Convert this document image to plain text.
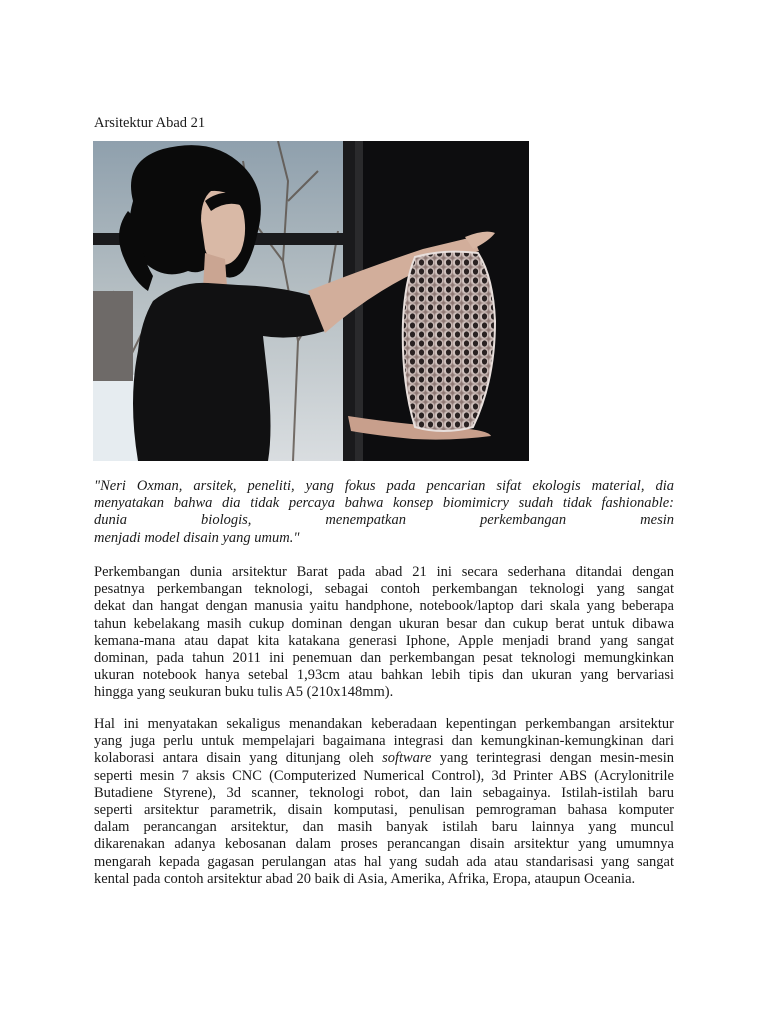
Arsitektur Abad 21
"Neri Oxman, arsitek, peneliti, yang fokus pada pencarian sifat ekologis material, dia
menyatakan bahwa dia tidak percaya bahwa konsep biomimicry sudah tidak fashionable:
dunia biologis, menempatkan perkembangan mesin
menjadi model disain yang umum."
Perkembangan dunia arsitektur Barat pada abad 21 ini secara sederhana ditandai dengan
pesatnya perkembangan teknologi, sebagai contoh perkembangan teknologi yang sangat
dekat dan hangat dengan manusia yaitu handphone, notebook/laptop dari skala yang beberapa
tahun kebelakang masih cukup dominan dengan ukuran besar dan cukup berat untuk dibawa
kemana-mana atau dapat kita katakana generasi Iphone, Apple menjadi brand yang sangat
dominan, pada tahun 2011 ini penemuan dan perkembangan pesat teknologi memungkinkan
ukuran notebook hanya setebal 1,93cm atau bahkan lebih tipis dan ukuran yang bervariasi
hingga yang seukuran buku tulis A5 (210x148mm).
Hal ini menyatakan sekaligus menandakan keberadaan kepentingan perkembangan arsitektur
yang juga perlu untuk mempelajari bagaimana integrasi dan kemungkinan-kemungkinan dari
kolaborasi antara disain yang ditunjang oleh software yang terintegrasi dengan mesin-mesin
seperti mesin 7 aksis CNC (Computerized Numerical Control), 3d Printer ABS (Acrylonitrile
Butadiene Styrene), 3d scanner, teknologi robot, dan lain sebagainya. Istilah-istilah baru
seperti arsitektur parametrik, disain komputasi, penulisan pemrograman bahasa komputer
dalam perancangan arsitektur, dan masih banyak istilah baru lainnya yang muncul
dikarenakan adanya kebosanan dalam proses perancangan disain arsitektur yang umumnya
mengarah kepada gagasan perulangan atas hal yang sudah ada atau standarisasi yang sangat
kental pada contoh arsitektur abad 20 baik di Asia, Amerika, Afrika, Eropa, ataupun Oceania.
